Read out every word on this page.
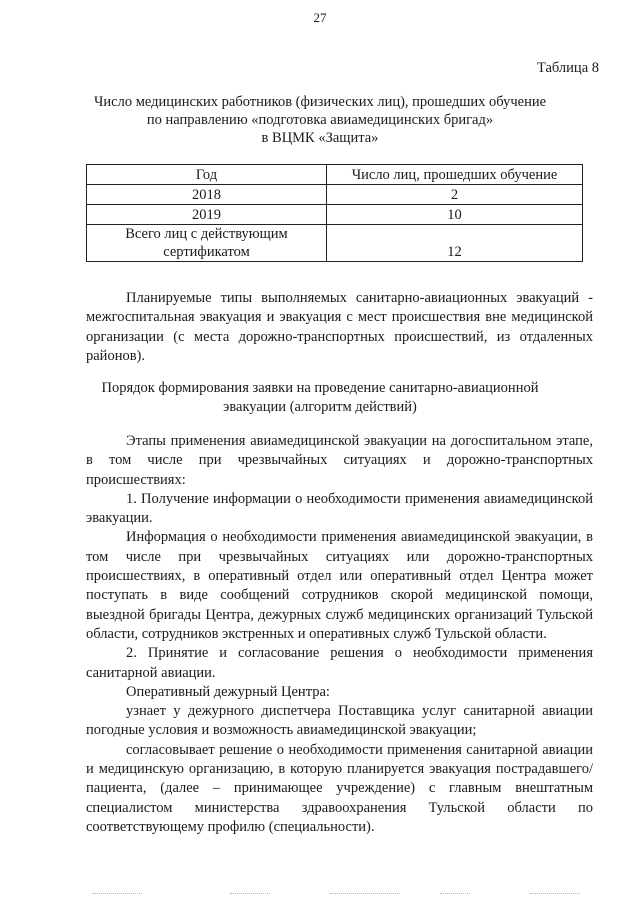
27
Таблица 8
Число медицинских работников (физических лиц), прошедших обучение
по направлению «подготовка авиамедицинских бригад»
в ВЦМК «Защита»
Год	Число лиц, прошедших обучение
2018	2
2019	10

Всего лиц с действующим
сертификатом	12

Планируемые типы выполняемых санитарно-авиационных эвакуаций - межгоспитальная эвакуация и эвакуация с мест происшествия вне медицинской организации (с места дорожно-транспортных происшествий, из отдаленных районов).

Порядок формирования заявки на проведение санитарно-авиационной
эвакуации (алгоритм действий)

Этапы применения авиамедицинской эвакуации на догоспитальном этапе, в том числе при чрезвычайных ситуациях и дорожно-транспортных происшествиях:

1. Получение информации о необходимости применения авиамедицинской эвакуации.

Информация о необходимости применения авиамедицинской эвакуации, в том числе при чрезвычайных ситуациях или дорожно-транспортных происшествиях, в оперативный отдел или оперативный отдел Центра может поступать в виде сообщений сотрудников скорой медицинской помощи, выездной бригады Центра, дежурных служб медицинских организаций Тульской области, сотрудников экстренных и оперативных служб Тульской области.

2. Принятие и согласование решения о необходимости применения санитарной авиации.

Оперативный дежурный Центра:

узнает у дежурного диспетчера Поставщика услуг санитарной авиации погодные условия и возможность авиамедицинской эвакуации;

согласовывает решение о необходимости применения санитарной авиации и медицинскую организацию, в которую планируется эвакуация пострадавшего/пациента, (далее – принимающее учреждение) с главным внештатным специалистом министерства здравоохранения Тульской области по соответствующему профилю (специальности).
